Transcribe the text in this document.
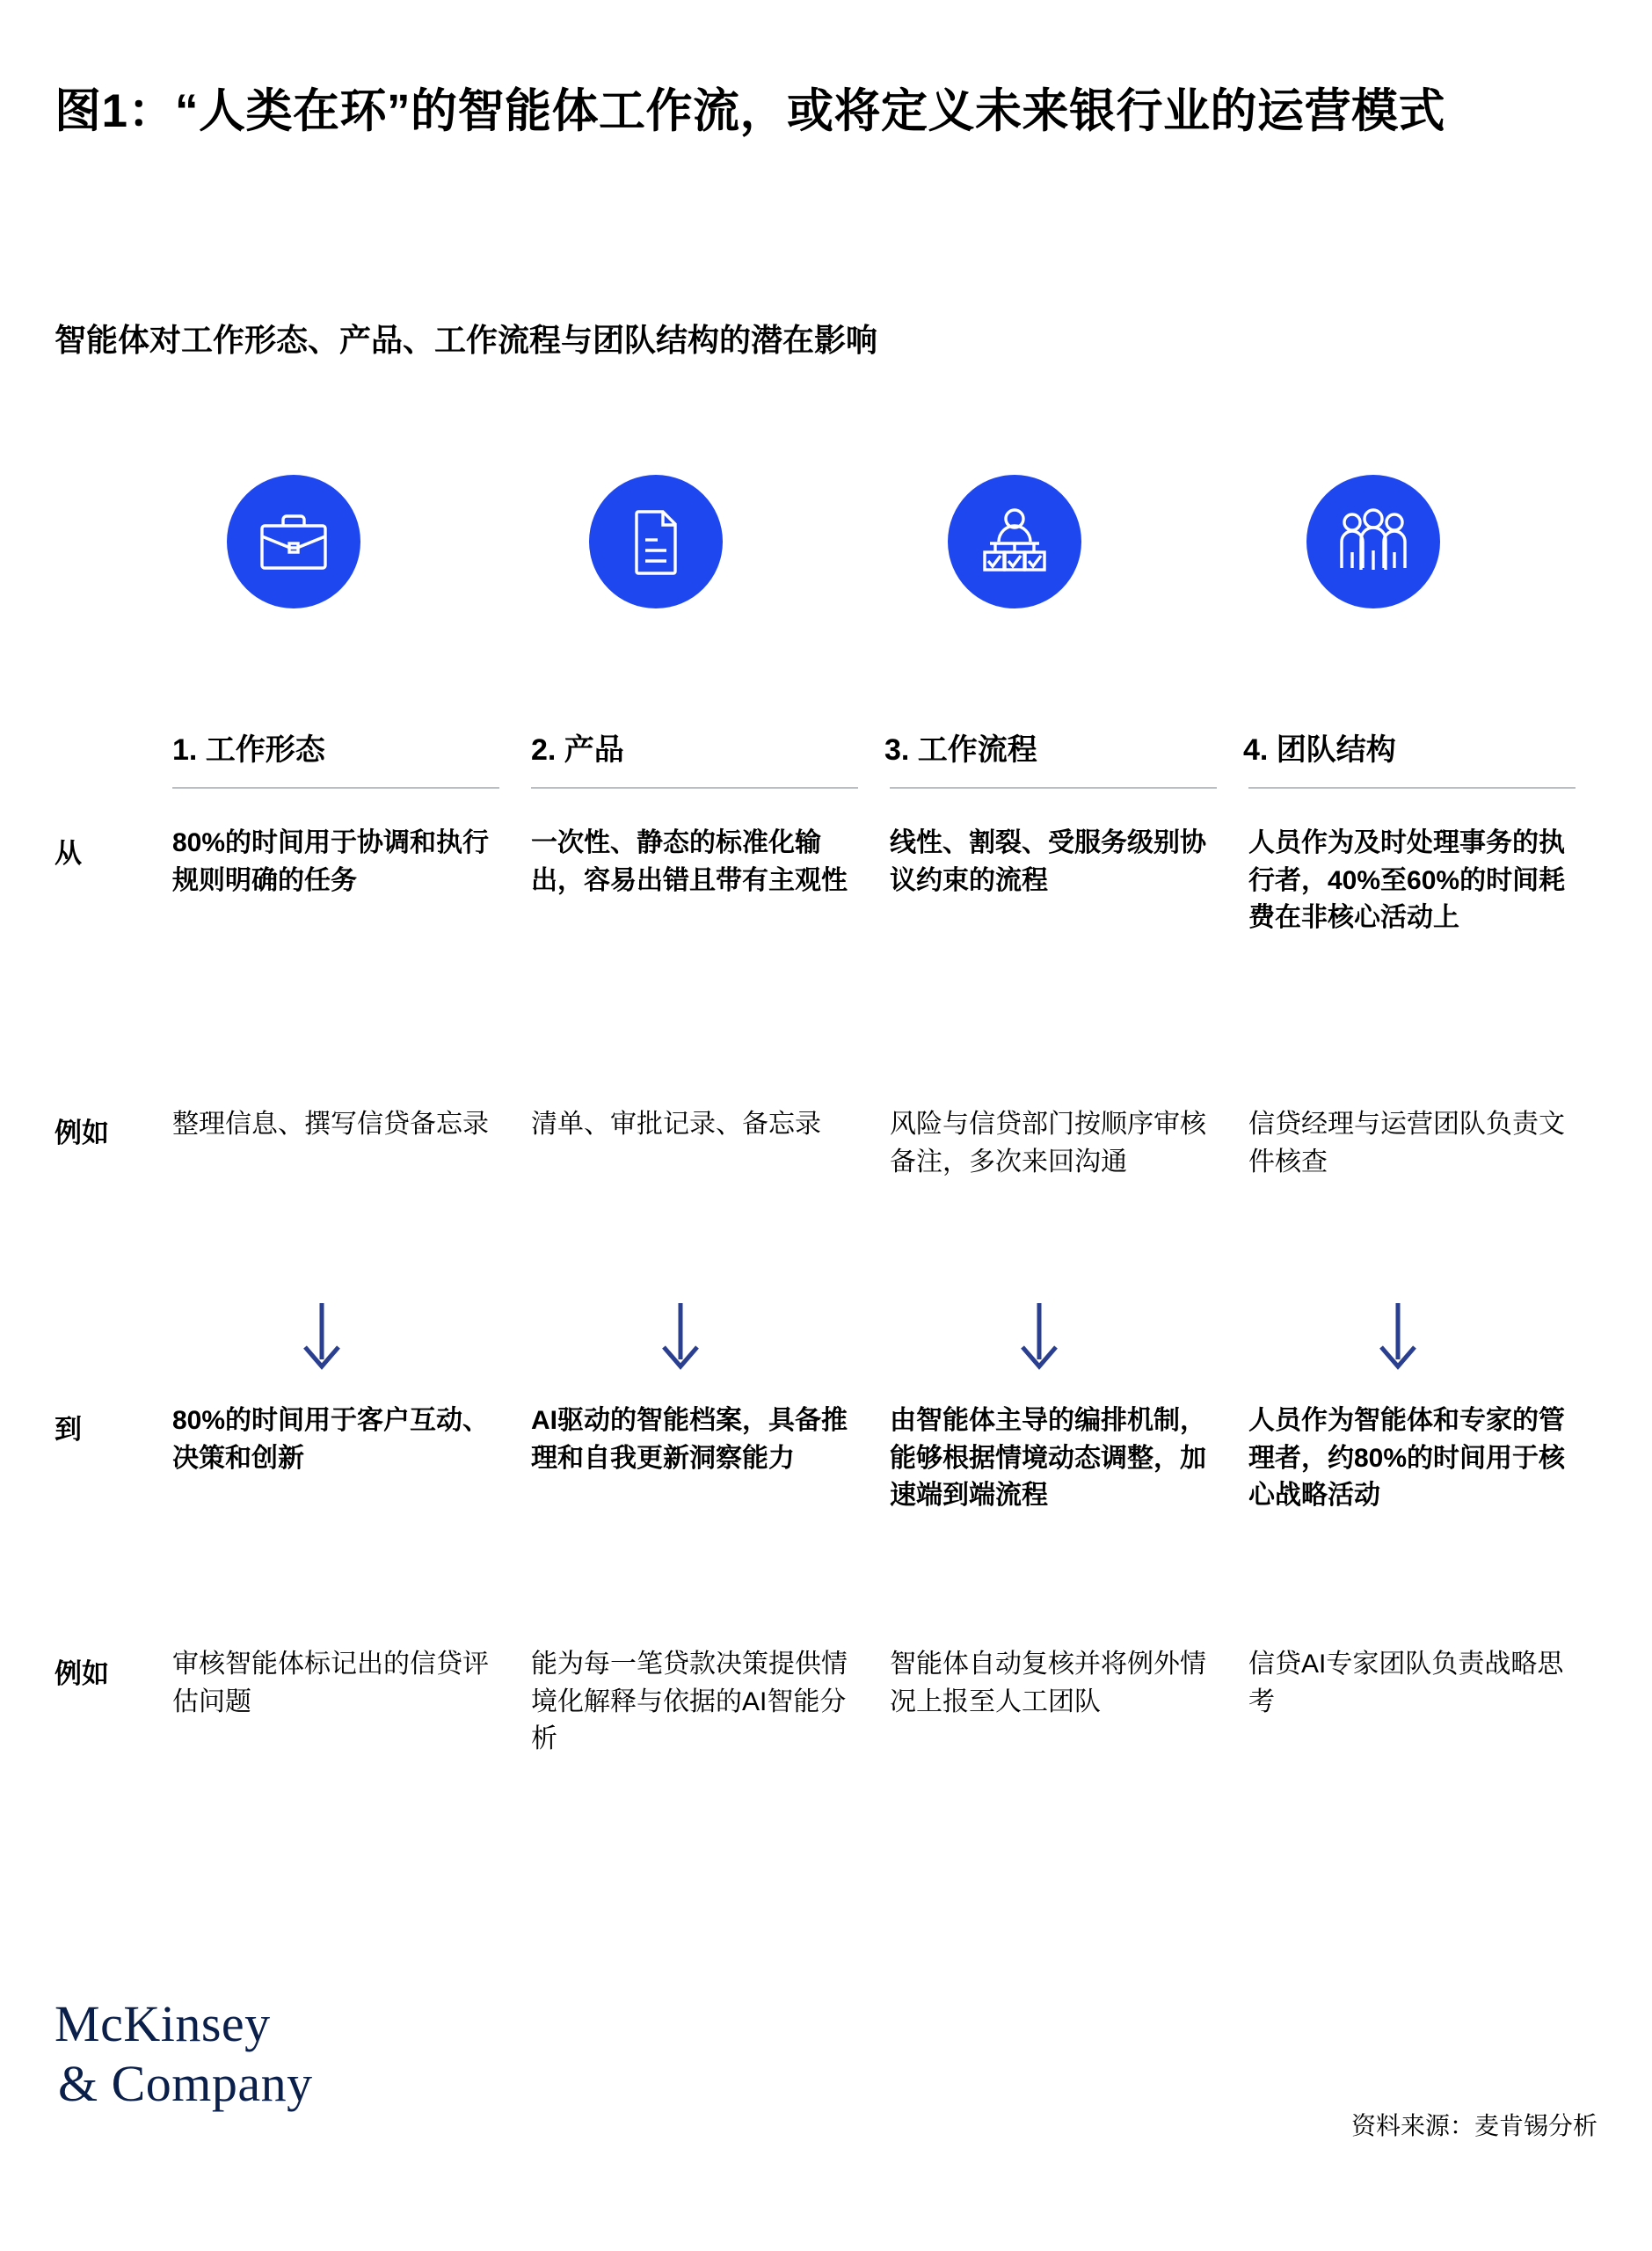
图1：“人类在环”的智能体工作流，或将定义未来银行业的运营模式
智能体对工作形态、产品、工作流程与团队结构的潜在影响
从
例如
到
例如
1. 工作形态
80%的时间用于协调和执行规则明确的任务
整理信息、撰写信贷备忘录
80%的时间用于客户互动、决策和创新
审核智能体标记出的信贷评估问题
2. 产品
一次性、静态的标准化输出，容易出错且带有主观性
清单、审批记录、备忘录
AI驱动的智能档案，具备推理和自我更新洞察能力
能为每一笔贷款决策提供情境化解释与依据的AI智能分析
3. 工作流程
线性、割裂、受服务级别协议约束的流程
风险与信贷部门按顺序审核备注，多次来回沟通
由智能体主导的编排机制，能够根据情境动态调整，加速端到端流程
智能体自动复核并将例外情况上报至人工团队
4. 团队结构
人员作为及时处理事务的执行者，40%至60%的时间耗费在非核心活动上
信贷经理与运营团队负责文件核查
人员作为智能体和专家的管理者，约80%的时间用于核心战略活动
信贷AI专家团队负责战略思考
McKinsey
& Company
资料来源：麦肯锡分析
